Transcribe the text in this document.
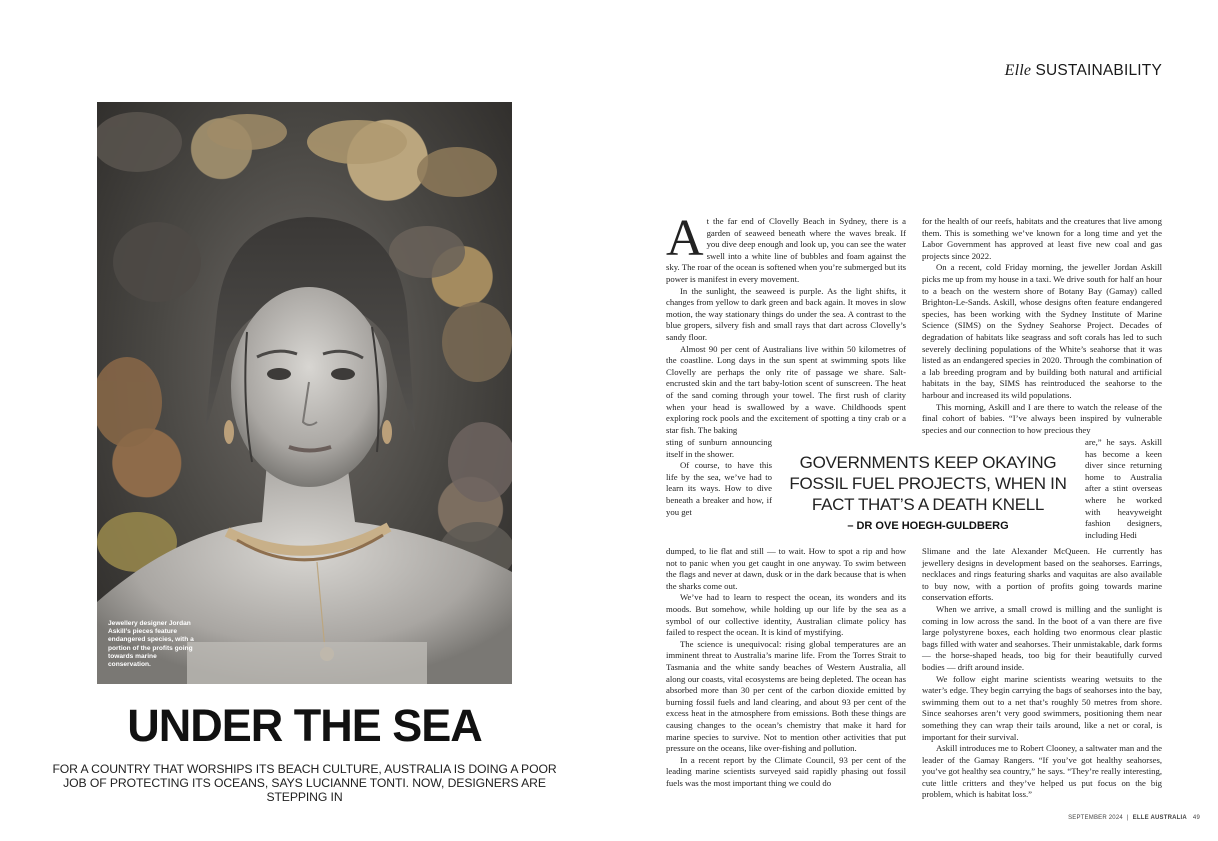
Elle SUSTAINABILITY
Jewellery designer Jordan Askill’s pieces feature endangered species, with a portion of the profits going towards marine conservation.
UNDER THE SEA

FOR A COUNTRY THAT WORSHIPS ITS BEACH CULTURE, AUSTRALIA IS DOING A POOR JOB OF PROTECTING ITS OCEANS, SAYS LUCIANNE TONTI. NOW, DESIGNERS ARE STEPPING IN

At the far end of Clovelly Beach in Sydney, there is a garden of seaweed beneath where the waves break. If you dive deep enough and look up, you can see the water swell into a white line of bubbles and foam against the sky. The roar of the ocean is softened when you’re submerged but its power is manifest in every movement.

In the sunlight, the seaweed is purple. As the light shifts, it changes from yellow to dark green and back again. It moves in slow motion, the way stationary things do under the sea. A contrast to the blue gropers, silvery fish and small rays that dart across Clovelly’s sandy floor.

Almost 90 per cent of Australians live within 50 kilometres of the coastline. Long days in the sun spent at swimming spots like Clovelly are perhaps the only rite of passage we share. Salt-encrusted skin and the tart baby-lotion scent of sunscreen. The heat of the sand coming through your towel. The first rush of clarity when your head is swallowed by a wave. Childhoods spent exploring rock pools and the excitement of spotting a tiny crab or a star fish. The baking

sting of sunburn announcing itself in the shower.

Of course, to have this life by the sea, we’ve had to learn its ways. How to dive beneath a breaker and how, if you get

dumped, to lie flat and still — to wait. How to spot a rip and how not to panic when you get caught in one anyway. To swim between the flags and never at dawn, dusk or in the dark because that is when the sharks come out.

We’ve had to learn to respect the ocean, its wonders and its moods. But somehow, while holding up our life by the sea as a symbol of our collective identity, Australian climate policy has failed to respect the ocean. It is kind of mystifying.

The science is unequivocal: rising global temperatures are an imminent threat to Australia’s marine life. From the Torres Strait to Tasmania and the white sandy beaches of Western Australia, all along our coasts, vital ecosystems are being depleted. The ocean has absorbed more than 30 per cent of the carbon dioxide emitted by burning fossil fuels and land clearing, and about 93 per cent of the excess heat in the atmosphere from emissions. Both these things are causing changes to the ocean’s chemistry that make it hard for marine species to survive. Not to mention other activities that put pressure on the oceans, like over-fishing and pollution.

In a recent report by the Climate Council, 93 per cent of the leading marine scientists surveyed said rapidly phasing out fossil fuels was the most important thing we could do

for the health of our reefs, habitats and the creatures that live among them. This is something we’ve known for a long time and yet the Labor Government has approved at least five new coal and gas projects since 2022.

On a recent, cold Friday morning, the jeweller Jordan Askill picks me up from my house in a taxi. We drive south for half an hour to a beach on the western shore of Botany Bay (Gamay) called Brighton-Le-Sands. Askill, whose designs often feature endangered species, has been working with the Sydney Institute of Marine Science (SIMS) on the Sydney Seahorse Project. Decades of degradation of habitats like seagrass and soft corals has led to such severely declining populations of the White’s seahorse that it was listed as an endangered species in 2020. Through the combination of a lab breeding program and by building both natural and artificial habitats in the bay, SIMS has reintroduced the seahorse to the harbour and increased its wild populations.

This morning, Askill and I are there to watch the release of the final cohort of babies. “I’ve always been inspired by vulnerable species and our connection to how precious they

are,” he says. Askill has become a keen diver since returning home to Australia after a stint overseas where he worked with heavyweight fashion designers, including Hedi

Slimane and the late Alexander McQueen. He currently has jewellery designs in development based on the seahorses. Earrings, necklaces and rings featuring sharks and vaquitas are also available to buy now, with a portion of profits going towards marine conservation efforts.

When we arrive, a small crowd is milling and the sunlight is coming in low across the sand. In the boot of a van there are five large polystyrene boxes, each holding two enormous clear plastic bags filled with water and seahorses. Their unmistakable, dark forms — the horse-shaped heads, too big for their beautifully curved bodies — drift around inside.

We follow eight marine scientists wearing wetsuits to the water’s edge. They begin carrying the bags of seahorses into the bay, swimming them out to a net that’s roughly 50 metres from shore. Since seahorses aren’t very good swimmers, positioning them near something they can wrap their tails around, like a net or coral, is important for their survival.

Askill introduces me to Robert Clooney, a saltwater man and the leader of the Gamay Rangers. “If you’ve got healthy seahorses, you’ve got healthy sea country,” he says. “They’re really interesting, cute little critters and they’ve helped us put focus on the big problem, which is habitat loss.”

GOVERNMENTS KEEP OKAYING FOSSIL FUEL PROJECTS, WHEN IN FACT THAT’S A DEATH KNELL
– DR OVE HOEGH-GULDBERG
SEPTEMBER 2024 | ELLE AUSTRALIA 49
